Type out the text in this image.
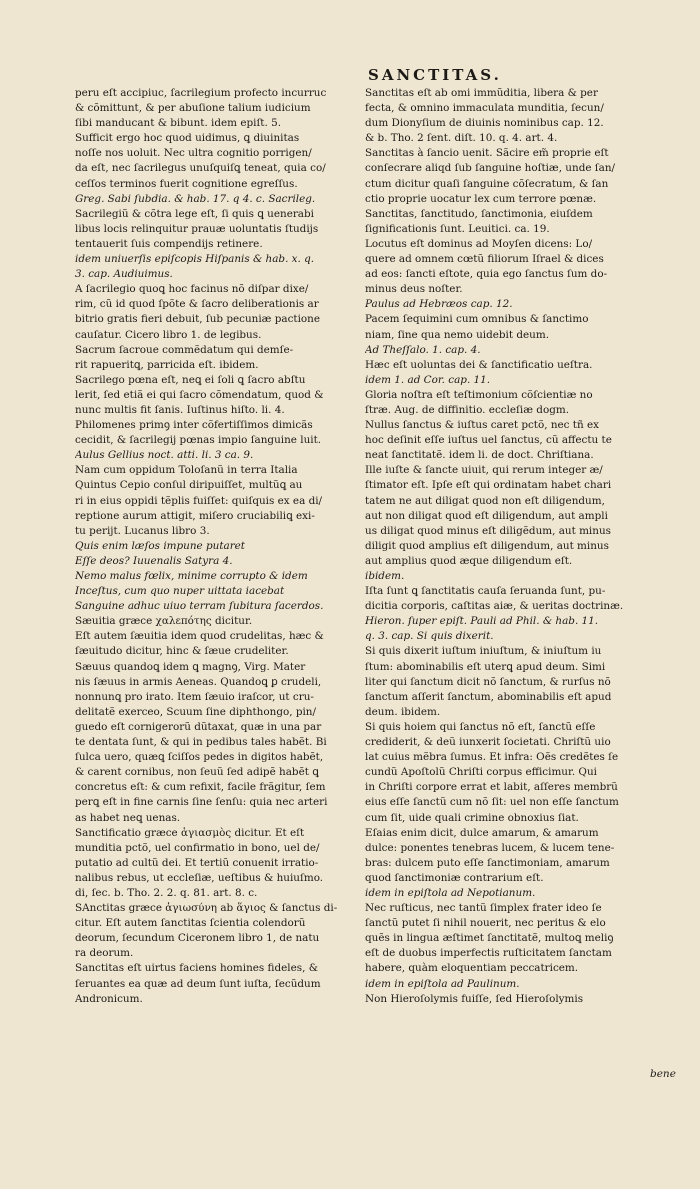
SANCTITAS.
peru eſt accipiuc, ſacrilegium profecto incurruc
& cõmittunt, & per abuſione talium iudicium
ſibi manducant & bibunt. idem epiſt. 5.
Sufficit ergo hoc quod uidimus, ꝗ diuinitas
noſſe nos uoluit. Nec ultra cognitio porrigen/
da eſt, nec ſacrilegus unuſquiſꝗ teneat, quia co/
ceſſos terminos fuerit cognitione egreſſus.
Greg. Sabi ſubdia. & hab. 17. q 4. c. Sacrileg.
Sacrilegiũ & cõtra lege eſt, ſi quis ꝗ uenerabi
libus locis relinquitur prauæ uoluntatis ſtudijs
tentauerit ſuis compendijs retinere.
idem uniuerſis epiſcopis Hiſpanis & hab. x. q.
3. cap. Audiuimus.
A ſacrilegio quoꝗ hoc facinus nõ diſpar dixe/
rim, cũ id quod ſpõte & ſacro deliberationis ar
bitrio gratis fieri debuit, ſub pecuniæ pactione
cauſatur. Cicero libro 1. de legibus.
Sacrum ſacroue commẽdatum qui demſe-
rit rapueritꝗ, parricida eſt. ibidem.
Sacrilego pœna eſt, neꝗ ei ſoli ꝗ ſacro abſtu
lerit, ſed etiã ei qui ſacro cõmendatum, quod &
nunc multis fit ſanis. Iuſtinus hiſto. li. 4.
Philomenes primꝯ inter cõfertiſſimos dimicãs
cecidit, & ſacrilegij pœnas impio ſanguine luit.
Aulus Gellius noct. atti. li. 3 ca. 9.
Nam cum oppidum Toloſanũ in terra Italia
Quintus Cepio conſul diripuiſſet, multũꝗ au
ri in eius oppidi tẽplis fuiſſet: quiſquis ex ea di/
reptione aurum attigit, miſero cruciabiliꝗ exi-
tu perijt. Lucanus libro 3.
Quis enim læſos impune putaret
Eſſe deos? Iuuenalis Satyra 4.
Nemo malus fœlix, minime corrupto & idem
Inceſtus, cum quo nuper uittata iacebat
Sanguine adhuc uiuo terram ſubitura ſacerdos.
Sæuitia græce χαλεπότης dicitur.
Eſt autem ſæuitia idem quod crudelitas, hæc &
ſæuitudo dicitur, hinc & ſæue crudeliter.
Sæuus quandoꝗ idem ꝗ magnꝯ, Virg. Mater
nis ſæuus in armis Aeneas. Quandoꝗ ꝑ crudeli,
nonnunꝗ pro irato. Item ſæuio iraſcor, ut cru-
delitatẽ exerceo, Scuum ſine diphthongo, pin/
guedo eſt cornigerorũ dũtaxat, quæ in una par
te dentata ſunt, & qui in pedibus tales habẽt. Bi
ſulca uero, quæꝗ ſciſſos pedes in digitos habẽt,
& carent cornibus, non ſeuũ ſed adipẽ habẽt ꝗ
concretus eſt: & cum refixit, facile frãgitur, ſem
perꝗ eſt in fine carnis ſine ſenſu: quia nec arteri
as habet neꝗ uenas.
Sanctificatio græce ἁγιασμὸς dicitur. Et eſt
munditia pctõ, uel confirmatio in bono, uel de/
putatio ad cultũ dei. Et tertiũ conuenit irratio-
nalibus rebus, ut eccleſiæ, ueſtibus & huiuſmo.
di, ſec. b. Tho. 2. 2. q. 81. art. 8. c.
SAnctitas græce ἁγιωσύνη ab ἅγιος & ſanctus di-
citur. Eſt autem ſanctitas ſcientia colendorũ
deorum, ſecundum Ciceronem libro 1, de natu
ra deorum.
Sanctitas eſt uirtus faciens homines fideles, &
ſeruantes ea quæ ad deum ſunt iuſta, ſecũdum
Andronicum.
Sanctitas eſt ab omi immũditia, libera & per
fecta, & omnino immaculata munditia, ſecun/
dum Dionyſium de diuinis nominibus cap. 12.
& b. Tho. 2 ſent. diſt. 10. q. 4. art. 4.
Sanctitas à ſancio uenit. Sãcire em̃ proprie eſt
conſecrare aliqd ſub ſanguine hoſtiæ, unde ſan/
ctum dicitur quaſi ſanguine cõſecratum, & ſan
ctio proprie uocatur lex cum terrore pœnæ.
Sanctitas, ſanctitudo, ſanctimonia, eiuſdem
ſignificationis ſunt. Leuitici. ca. 19.
Locutus eſt dominus ad Moyſen dicens: Lo/
quere ad omnem cœtũ filiorum Iſrael & dices
ad eos: ſancti eſtote, quia ego ſanctus ſum do-
minus deus noſter.
Paulus ad Hebræos cap. 12.
Pacem ſequimini cum omnibus & ſanctimo
niam, ſine qua nemo uidebit deum.
Ad Theſſalo. 1. cap. 4.
Hæc eſt uoluntas dei & ſanctificatio ueſtra.
idem 1. ad Cor. cap. 11.
Gloria noſtra eſt teſtimonium cõſcientiæ no
ſtræ. Aug. de diffinitio. eccleſiæ dogm.
Nullus ſanctus & iuſtus caret pctõ, nec tñ ex
hoc deſinit eſſe iuſtus uel ſanctus, cũ affectu te
neat ſanctitatẽ. idem li. de doct. Chriſtiana.
Ille iuſte & ſancte uiuit, qui rerum integer æ/
ſtimator eſt. Ipſe eſt qui ordinatam habet chari
tatem ne aut diligat quod non eſt diligendum,
aut non diligat quod eſt diligendum, aut ampli
us diligat quod minus eſt diligẽdum, aut minus
diligit quod amplius eſt diligendum, aut minus
aut amplius quod æque diligendum eſt.
ibidem.
Iſta ſunt ꝗ ſanctitatis cauſa ſeruanda ſunt, pu-
dicitia corporis, caſtitas aiæ, & ueritas doctrinæ.
Hieron. ſuper epiſt. Pauli ad Phil. & hab. 11.
q. 3. cap. Si quis dixerit.
Si quis dixerit iuſtum iniuſtum, & iniuſtum iu
ſtum: abominabilis eſt uterꝗ apud deum. Simi
liter qui ſanctum dicit nõ ſanctum, & rurſus nõ
ſanctum aſſerit ſanctum, abominabilis eſt apud
deum. ibidem.
Si quis hoiem qui ſanctus nõ eſt, ſanctũ eſſe
crediderit, & deũ iunxerit ſocietati. Chriſtũ uio
lat cuius mẽbra ſumus. Et infra: Oẽs credẽtes ſe
cundũ Apoſtolũ Chriſti corpus efficimur. Qui
in Chriſti corpore errat et labit, aſſeres membrũ
eius eſſe ſanctũ cum nõ ſit: uel non eſſe ſanctum
cum ſit, uide quali crimine obnoxius ſiat.
Eſaias enim dicit, dulce amarum, & amarum
dulce: ponentes tenebras lucem, & lucem tene-
bras: dulcem puto eſſe ſanctimoniam, amarum
quod ſanctimoniæ contrarium eſt.
idem in epiſtola ad Nepotianum.
Nec ruſticus, nec tantũ ſimplex frater ideo ſe
ſanctũ putet ſi nihil nouerit, nec peritus & elo
quẽs in lingua æſtimet ſanctitatẽ, multoꝗ meliꝯ
eſt de duobus imperfectis ruſticitatem ſanctam
habere, quàm eloquentiam peccatricem.
idem in epiſtola ad Paulinum.
Non Hieroſolymis fuiſſe, ſed Hieroſolymis
bene
